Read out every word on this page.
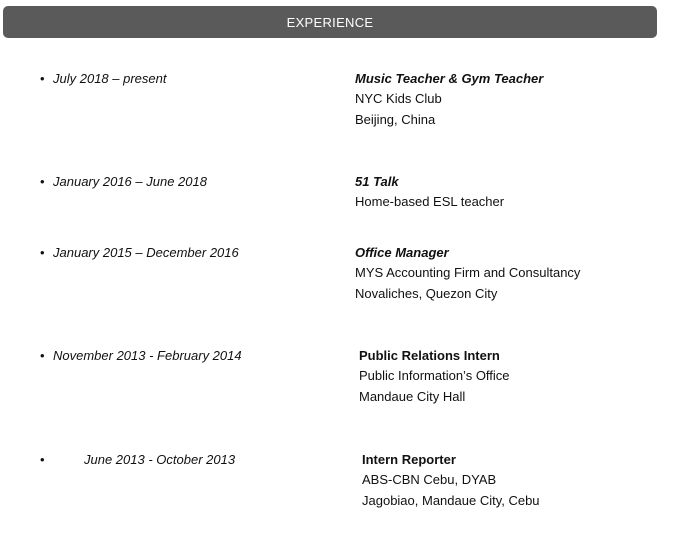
EXPERIENCE
• July 2018 – present	Music Teacher & Gym Teacher
NYC Kids Club
Beijing, China
• January 2016 – June 2018	51 Talk
Home-based ESL teacher
• January 2015 – December 2016	Office Manager
MYS Accounting Firm and Consultancy
Novaliches, Quezon City
• November 2013 - February 2014	Public Relations Intern
Public Information’s Office
Mandaue City Hall
•	June 2013 - October 2013	Intern Reporter
ABS-CBN Cebu, DYAB
Jagobiao, Mandaue City, Cebu
